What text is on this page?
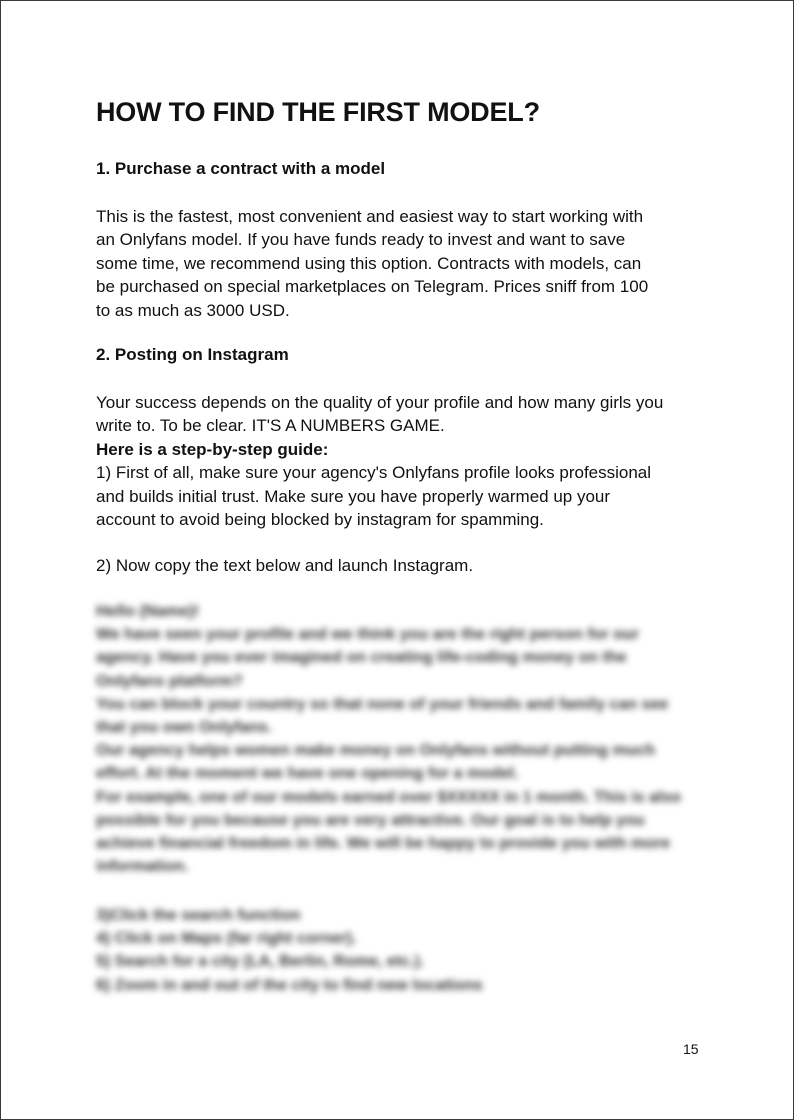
HOW TO FIND THE FIRST MODEL?
1. Purchase a contract with a model

This is the fastest, most convenient and easiest way to start working with
an Onlyfans model. If you have funds ready to invest and want to save
some time, we recommend using this option. Contracts with models, can
be purchased on special marketplaces on Telegram. Prices sniff from 100
to as much as 3000 USD.

2. Posting on Instagram

Your success depends on the quality of your profile and how many girls you
write to. To be clear. IT'S A NUMBERS GAME.
Here is a step-by-step guide:
1) First of all, make sure your agency's Onlyfans profile looks professional
and builds initial trust. Make sure you have properly warmed up your
account to avoid being blocked by instagram for spamming.

2) Now copy the text below and launch Instagram.

Hello (Name)!
We have seen your profile and we think you are the right person for our
agency. Have you ever imagined on creating life-coding money on the
Onlyfans platform?
You can block your country so that none of your friends and family can see
that you own Onlyfans.
Our agency helps women make money on Onlyfans without putting much
effort. At the moment we have one opening for a model.
For example, one of our models earned over $XXXXX in 1 month. This is also
possible for you because you are very attractive. Our goal is to help you
achieve financial freedom in life. We will be happy to provide you with more
information.
3)Click the search function
4) Click on Maps (far right corner).
5) Search for a city (LA, Berlin, Rome, etc.).
6) Zoom in and out of the city to find new locations

15
